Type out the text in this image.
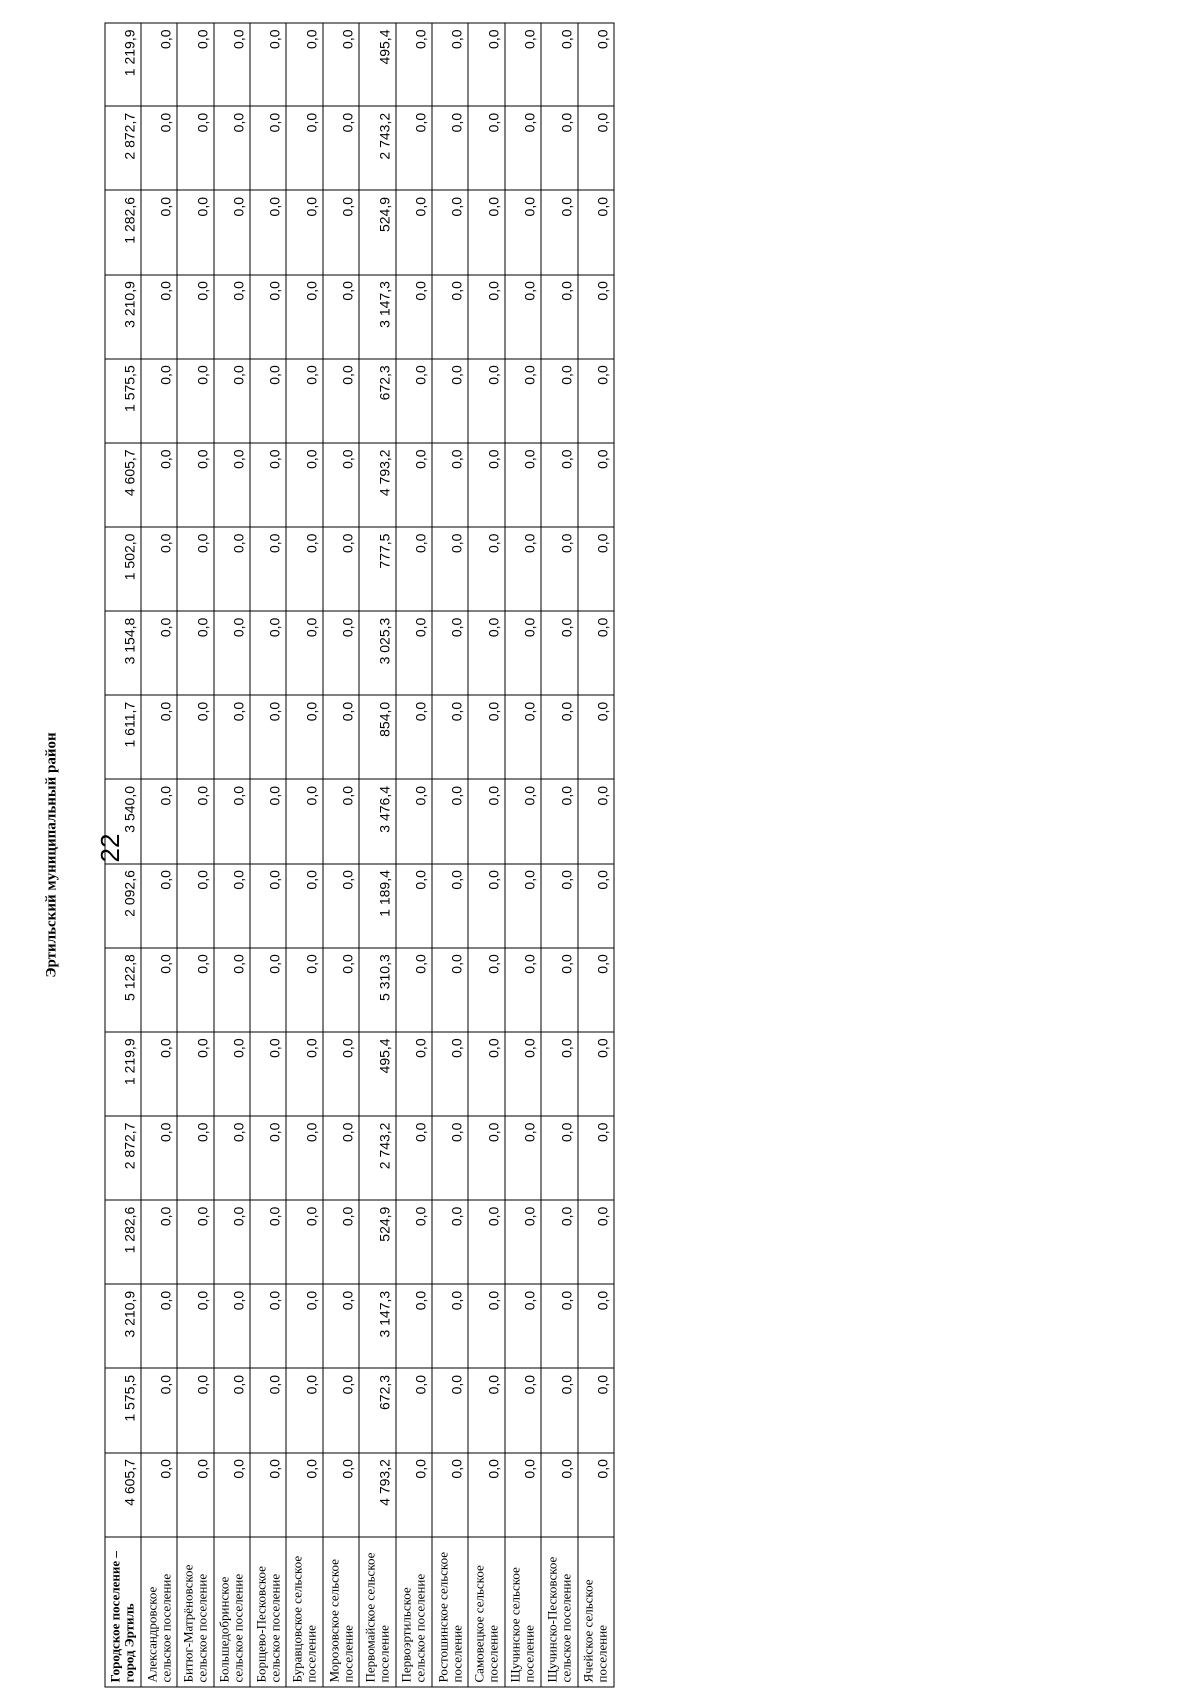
22

Эртильский муниципальный район
Городское поселение – город Эртиль	4 605,7	1 575,5	3 210,9	1 282,6	2 872,7	1 219,9	5 122,8	2 092,6	3 540,0	1 611,7	3 154,8	1 502,0	4 605,7	1 575,5	3 210,9	1 282,6	2 872,7	1 219,9
Александровское сельское поселение	0,0	0,0	0,0	0,0	0,0	0,0	0,0	0,0	0,0	0,0	0,0	0,0	0,0	0,0	0,0	0,0	0,0	0,0
Битюг-Матрёновское сельское поселение	0,0	0,0	0,0	0,0	0,0	0,0	0,0	0,0	0,0	0,0	0,0	0,0	0,0	0,0	0,0	0,0	0,0	0,0
Большедобринское сельское поселение	0,0	0,0	0,0	0,0	0,0	0,0	0,0	0,0	0,0	0,0	0,0	0,0	0,0	0,0	0,0	0,0	0,0	0,0
Борщево-Песковское сельское поселение	0,0	0,0	0,0	0,0	0,0	0,0	0,0	0,0	0,0	0,0	0,0	0,0	0,0	0,0	0,0	0,0	0,0	0,0
Буравцовское сельское поселение	0,0	0,0	0,0	0,0	0,0	0,0	0,0	0,0	0,0	0,0	0,0	0,0	0,0	0,0	0,0	0,0	0,0	0,0
Морозовское сельское поселение	0,0	0,0	0,0	0,0	0,0	0,0	0,0	0,0	0,0	0,0	0,0	0,0	0,0	0,0	0,0	0,0	0,0	0,0
Первомайское сельское поселение	4 793,2	672,3	3 147,3	524,9	2 743,2	495,4	5 310,3	1 189,4	3 476,4	854,0	3 025,3	777,5	4 793,2	672,3	3 147,3	524,9	2 743,2	495,4
Первоэртильское сельское поселение	0,0	0,0	0,0	0,0	0,0	0,0	0,0	0,0	0,0	0,0	0,0	0,0	0,0	0,0	0,0	0,0	0,0	0,0
Ростошинское сельское поселение	0,0	0,0	0,0	0,0	0,0	0,0	0,0	0,0	0,0	0,0	0,0	0,0	0,0	0,0	0,0	0,0	0,0	0,0
Самовецкое сельское поселение	0,0	0,0	0,0	0,0	0,0	0,0	0,0	0,0	0,0	0,0	0,0	0,0	0,0	0,0	0,0	0,0	0,0	0,0
Щучинское сельское поселение	0,0	0,0	0,0	0,0	0,0	0,0	0,0	0,0	0,0	0,0	0,0	0,0	0,0	0,0	0,0	0,0	0,0	0,0
Щучинско-Песковское сельское поселение	0,0	0,0	0,0	0,0	0,0	0,0	0,0	0,0	0,0	0,0	0,0	0,0	0,0	0,0	0,0	0,0	0,0	0,0
Ячейское сельское поселение	0,0	0,0	0,0	0,0	0,0	0,0	0,0	0,0	0,0	0,0	0,0	0,0	0,0	0,0	0,0	0,0	0,0	0,0
